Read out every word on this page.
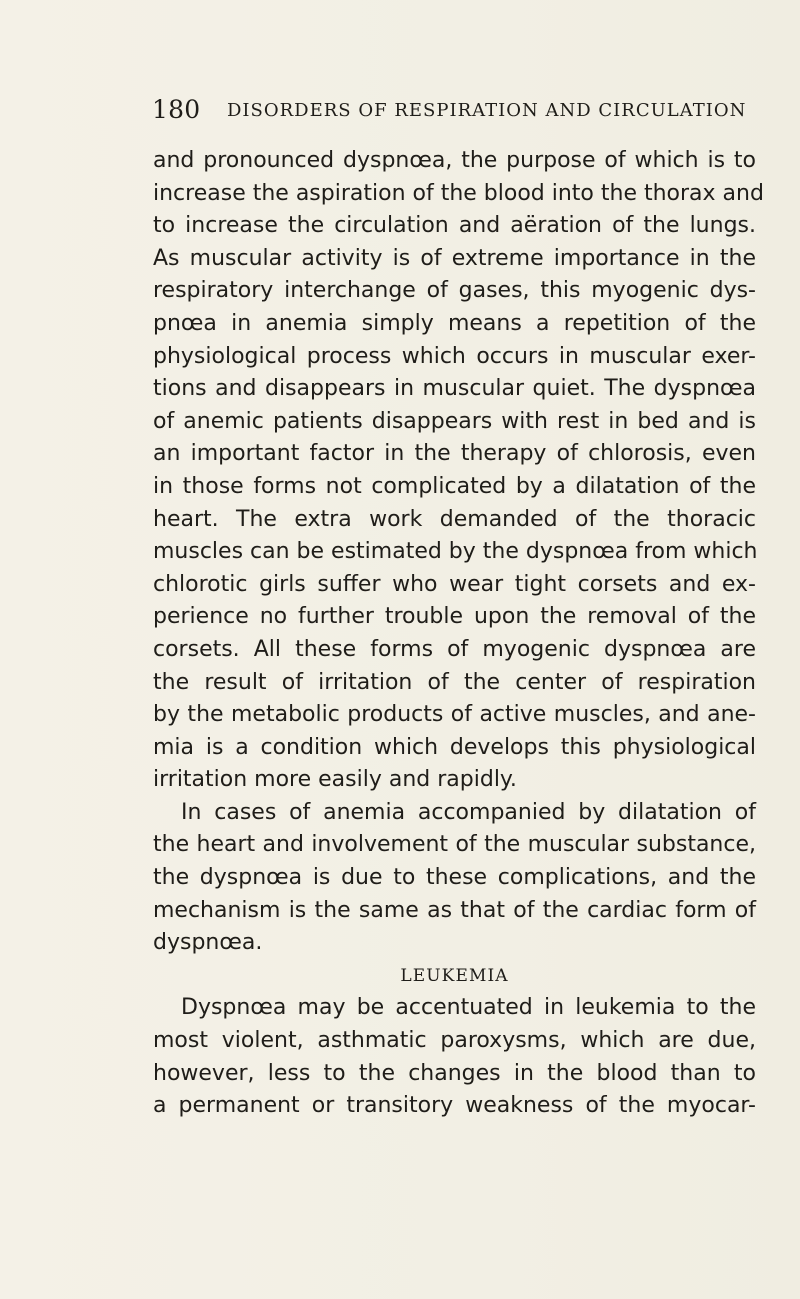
180 DISORDERS OF RESPIRATION AND CIRCULATION
and pronounced dyspnœa, the purpose of which is to
increase the aspiration of the blood into the thorax and
to increase the circulation and aëration of the lungs.
As muscular activity is of extreme importance in the
respiratory interchange of gases, this myogenic dys-
pnœa in anemia simply means a repetition of the
physiological process which occurs in muscular exer-
tions and disappears in muscular quiet. The dyspnœa
of anemic patients disappears with rest in bed and is
an important factor in the therapy of chlorosis, even
in those forms not complicated by a dilatation of the
heart. The extra work demanded of the thoracic
muscles can be estimated by the dyspnœa from which
chlorotic girls suffer who wear tight corsets and ex-
perience no further trouble upon the removal of the
corsets. All these forms of myogenic dyspnœa are
the result of irritation of the center of respiration
by the metabolic products of active muscles, and ane-
mia is a condition which develops this physiological
irritation more easily and rapidly.
In cases of anemia accompanied by dilatation of
the heart and involvement of the muscular substance,
the dyspnœa is due to these complications, and the
mechanism is the same as that of the cardiac form of
dyspnœa.
LEUKEMIA
Dyspnœa may be accentuated in leukemia to the
most violent, asthmatic paroxysms, which are due,
however, less to the changes in the blood than to
a permanent or transitory weakness of the myocar-
